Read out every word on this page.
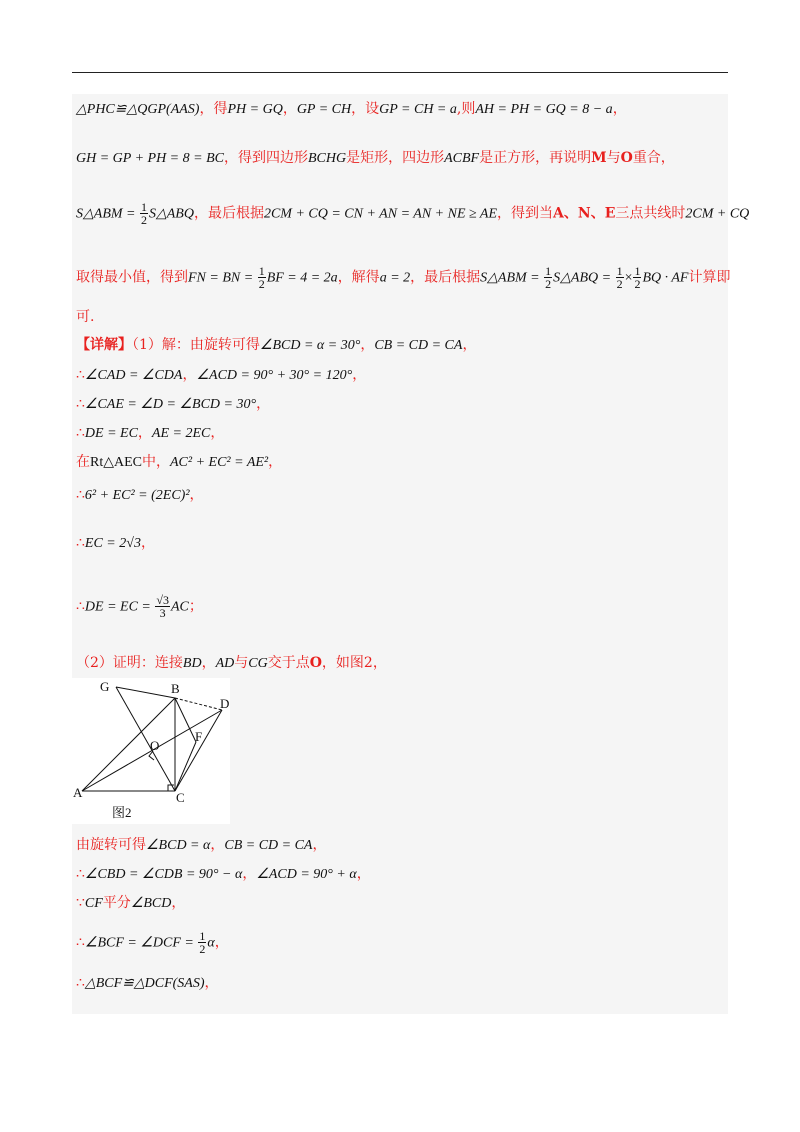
△PHC≌△QGP(AAS)，得PH = GQ，GP = CH，设GP = CH = a,则AH = PH = GQ = 8 − a，
GH = GP + PH = 8 = BC，得到四边形BCHG是矩形，四边形ACBF是正方形，再说明M与O重合，
S△ABM = $\frac{1}{2}$ S△ABQ，最后根据2CM + CQ = CN + AN = AN + NE ≥ AE，得到当A、N、E三点共线时2CM + CQ
取得最小值，得到FN = BN = $\frac{1}{2}$ BF = 4 = 2a，解得a = 2，最后根据S△ABM = $\frac{1}{2}$ S△ABQ = $\frac{1}{2} \times \frac{1}{2}$ BQ · AF计算即
可.
【详解】（1）解：由旋转可得∠BCD = α = 30°，CB = CD = CA，
∴∠CAD = ∠CDA，∠ACD = 90° + 30° = 120°，
∴∠CAE = ∠D = ∠BCD = 30°，
∴DE = EC，AE = 2EC，
在Rt△AEC中，AC² + EC² = AE²，
∴6² + EC² = (2EC)²，
∴EC = 2√3，
∴DE = EC = $\frac{√3}{3}$ AC；
（2）证明：连接BD，AD与CG交于点O，如图2，
G	B
D
O
F
A	C
图2
由旋转可得∠BCD = α，CB = CD = CA，
∴∠CBD = ∠CDB = 90° − α，∠ACD = 90° + α，
∵CF平分∠BCD，
∴∠BCF = ∠DCF = $\frac{1}{2}$ α，
∴△BCF≌△DCF(SAS)，
